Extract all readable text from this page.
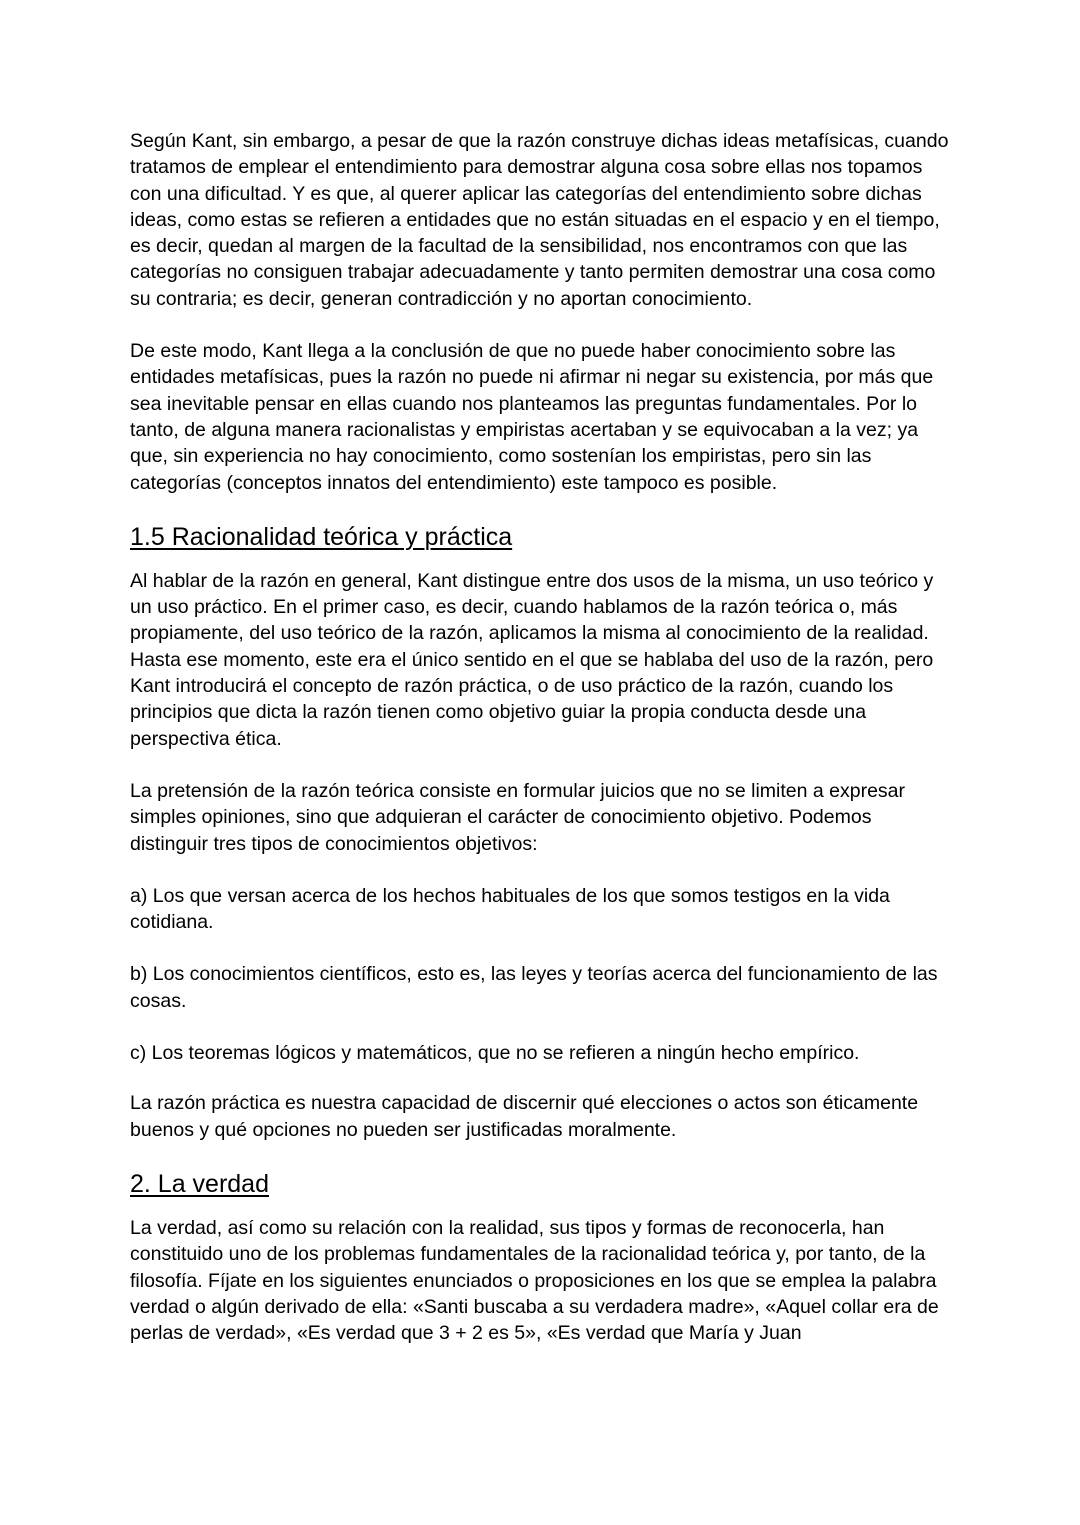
Según Kant, sin embargo, a pesar de que la razón construye dichas ideas metafísicas, cuando tratamos de emplear el entendimiento para demostrar alguna cosa sobre ellas nos topamos con una dificultad. Y es que, al querer aplicar las categorías del entendimiento sobre dichas ideas, como estas se refieren a entidades que no están situadas en el espacio y en el tiempo, es decir, quedan al margen de la facultad de la sensibilidad, nos encontramos con que las categorías no consiguen trabajar adecuadamente y tanto permiten demostrar una cosa como su contraria; es decir, generan contradicción y no aportan conocimiento.

De este modo, Kant llega a la conclusión de que no puede haber conocimiento sobre las entidades metafísicas, pues la razón no puede ni afirmar ni negar su existencia, por más que sea inevitable pensar en ellas cuando nos planteamos las preguntas fundamentales. Por lo tanto, de alguna manera racionalistas y empiristas acertaban y se equivocaban a la vez; ya que, sin experiencia no hay conocimiento, como sostenían los empiristas, pero sin las categorías (conceptos innatos del entendimiento) este tampoco es posible.

1.5 Racionalidad teórica y práctica

Al hablar de la razón en general, Kant distingue entre dos usos de la misma, un uso teórico y un uso práctico. En el primer caso, es decir, cuando hablamos de la razón teórica o, más propiamente, del uso teórico de la razón, aplicamos la misma al conocimiento de la realidad. Hasta ese momento, este era el único sentido en el que se hablaba del uso de la razón, pero Kant introducirá el concepto de razón práctica, o de uso práctico de la razón, cuando los principios que dicta la razón tienen como objetivo guiar la propia conducta desde una perspectiva ética.

La pretensión de la razón teórica consiste en formular juicios que no se limiten a expresar simples opiniones, sino que adquieran el carácter de conocimiento objetivo. Podemos distinguir tres tipos de conocimientos objetivos:

a) Los que versan acerca de los hechos habituales de los que somos testigos en la vida cotidiana.

b) Los conocimientos científicos, esto es, las leyes y teorías acerca del funcionamiento de las cosas.

c) Los teoremas lógicos y matemáticos, que no se refieren a ningún hecho empírico.

La razón práctica es nuestra capacidad de discernir qué elecciones o actos son éticamente buenos y qué opciones no pueden ser justificadas moralmente.

2. La verdad

La verdad, así como su relación con la realidad, sus tipos y formas de reconocerla, han constituido uno de los problemas fundamentales de la racionalidad teórica y, por tanto, de la filosofía. Fíjate en los siguientes enunciados o proposiciones en los que se emplea la palabra verdad o algún derivado de ella: «Santi buscaba a su verdadera madre», «Aquel collar era de perlas de verdad», «Es verdad que 3 + 2 es 5», «Es verdad que María y Juan
